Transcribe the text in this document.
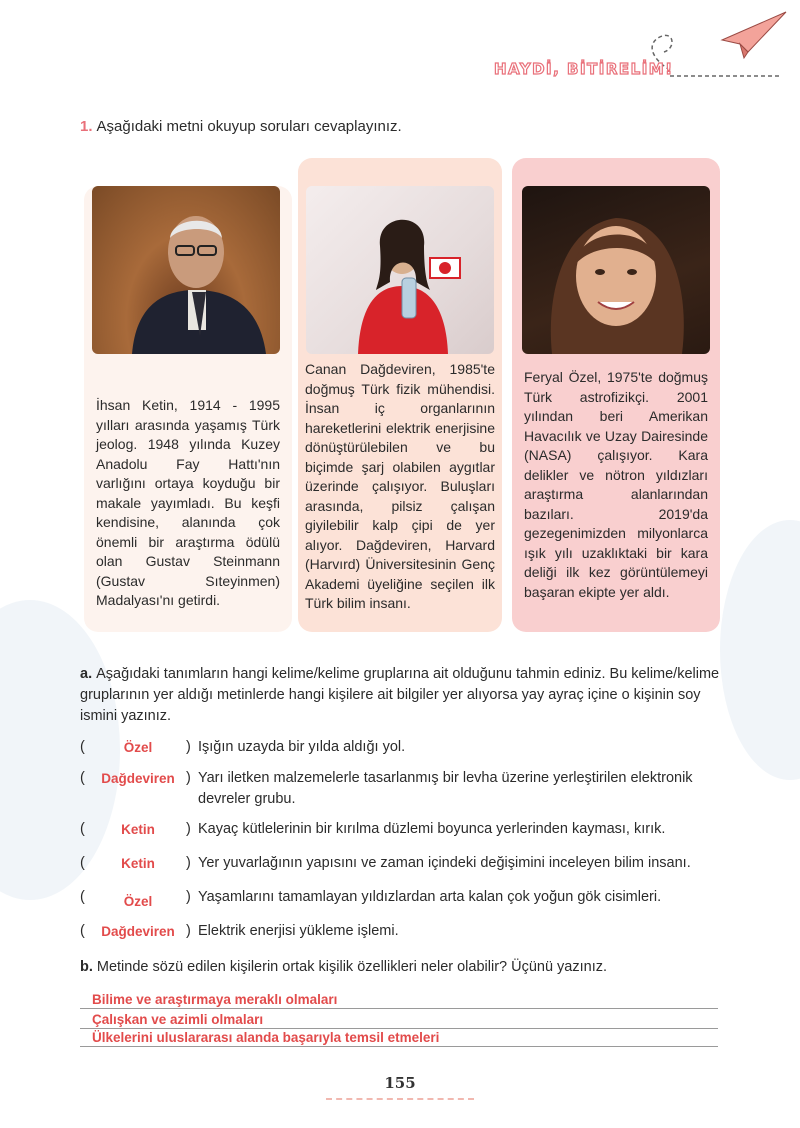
HAYDİ, BİTİRELİM!
1. Aşağıdaki metni okuyup soruları cevaplayınız.
İhsan Ketin, 1914 - 1995 yılları arasında yaşamış Türk jeolog. 1948 yılında Kuzey Anadolu Fay Hattı'nın varlığını ortaya koyduğu bir makale yayımladı. Bu keşfi kendisine, alanında çok önemli bir araştırma ödülü olan Gustav Steinmann (Gustav Sıteyinmen) Madalyası'nı getirdi.
Canan Dağdeviren, 1985'te doğmuş Türk fizik mühendisi. İnsan iç organlarının hareketlerini elektrik enerjisine dönüştürülebilen ve bu biçimde şarj olabilen aygıtlar üzerinde çalışıyor. Buluşları arasında, pilsiz çalışan giyilebilir kalp çipi de yer alıyor. Dağdeviren, Harvard (Harvırd) Üniversitesinin Genç Akademi üyeliğine seçilen ilk Türk bilim insanı.
Feryal Özel, 1975'te doğmuş Türk astrofizikçi. 2001 yılından beri Amerikan Havacılık ve Uzay Dairesinde (NASA) çalışıyor. Kara delikler ve nötron yıldızları araştırma alanlarından bazıları. 2019'da gezegenimizden milyonlarca ışık yılı uzaklıktaki bir kara deliği ilk kez görüntülemeyi başaran ekipte yer aldı.
a. Aşağıdaki tanımların hangi kelime/kelime gruplarına ait olduğunu tahmin ediniz. Bu kelime/kelime gruplarının yer aldığı metinlerde hangi kişilere ait bilgiler yer alıyorsa yay ayraç içine o kişinin soy ismini yazınız.
(	Özel	) Işığın uzayda bir yılda aldığı yol.
(	Dağdeviren ) Yarı iletken malzemelerle tasarlanmış bir levha üzerine yerleştirilen elektronik devreler grubu.
(	Ketin	) Kayaç kütlelerinin bir kırılma düzlemi boyunca yerlerinden kayması, kırık.
(	Ketin	) Yer yuvarlağının yapısını ve zaman içindeki değişimini inceleyen bilim insanı.
(	Özel	) Yaşamlarını tamamlayan yıldızlardan arta kalan çok yoğun gök cisimleri.
(	Dağdeviren ) Elektrik enerjisi yükleme işlemi.
b. Metinde sözü edilen kişilerin ortak kişilik özellikleri neler olabilir? Üçünü yazınız.
Bilime ve araştırmaya meraklı olmaları
Çalışkan ve azimli olmaları
Ülkelerini uluslararası alanda başarıyla temsil etmeleri
155
